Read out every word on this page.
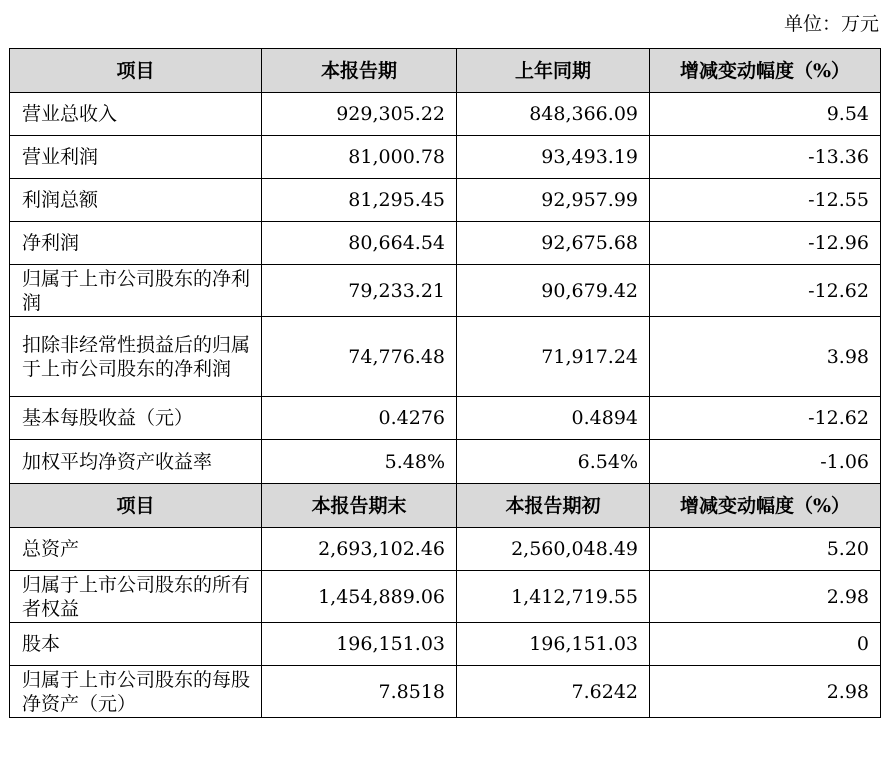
单位：万元
项目	本报告期	上年同期	增减变动幅度（%）
营业总收入	929,305.22	848,366.09	9.54
营业利润	81,000.78	93,493.19	-13.36
利润总额	81,295.45	92,957.99	-12.55
净利润	80,664.54	92,675.68	-12.96
归属于上市公司股东的净利润	79,233.21	90,679.42	-12.62
扣除非经常性损益后的归属于上市公司股东的净利润	74,776.48	71,917.24	3.98
基本每股收益（元）	0.4276	0.4894	-12.62
加权平均净资产收益率	5.48%	6.54%	-1.06
项目	本报告期末	本报告期初	增减变动幅度（%）
总资产	2,693,102.46	2,560,048.49	5.20
归属于上市公司股东的所有者权益	1,454,889.06	1,412,719.55	2.98
股本	196,151.03	196,151.03	0
归属于上市公司股东的每股净资产（元）	7.8518	7.6242	2.98
